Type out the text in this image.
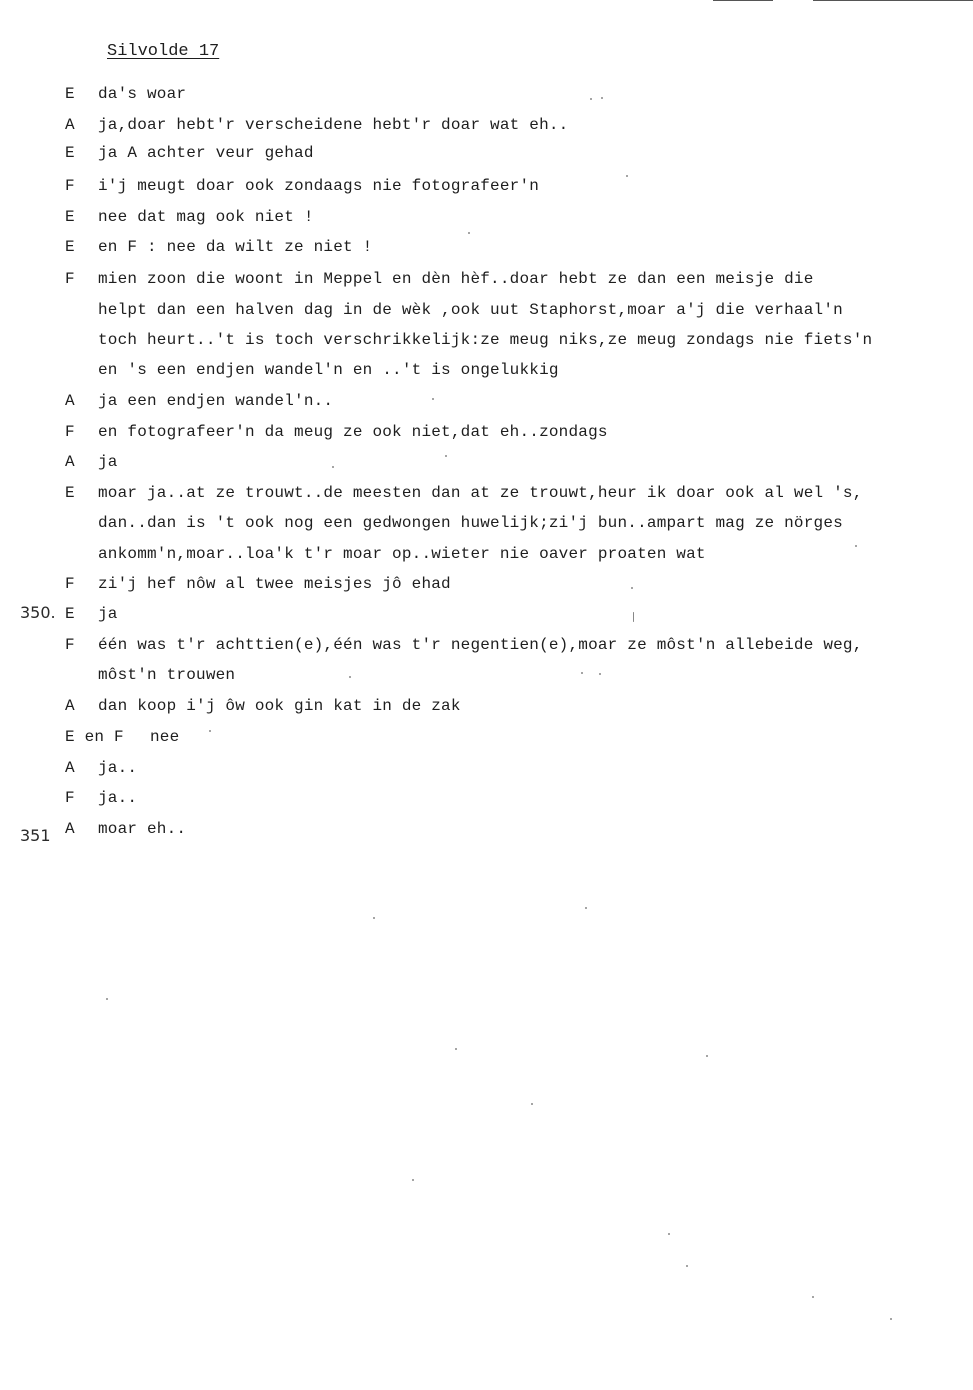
Silvolde 17
E da's woar
A ja,doar hebt'r verscheidene hebt'r doar wat eh..
E ja A achter veur gehad
F i'j meugt doar ook zondaags nie fotografeer'n
E nee dat mag ook niet !
E en F : nee da wilt ze niet !
F mien zoon die woont in Meppel en dèn hèf..doar hebt ze dan een meisje die
helpt dan een halven dag in de wèk ,ook uut Staphorst,moar a'j die verhaal'n
toch heurt..'t is toch verschrikkelijk:ze meug niks,ze meug zondags nie fiets'n
en 's een endjen wandel'n en ..'t is ongelukkig
A ja een endjen wandel'n..
F en fotografeer'n da meug ze ook niet,dat eh..zondags
A ja
E moar ja..at ze trouwt..de meesten dan at ze trouwt,heur ik doar ook al wel 's,
dan..dan is 't ook nog een gedwongen huwelijk;zi'j bun..ampart mag ze nörges
ankomm'n,moar..loa'k t'r moar op..wieter nie oaver proaten wat
F zi'j hef nôw al twee meisjes jô ehad
E ja
F één was t'r achttien(e),één was t'r negentien(e),moar ze môst'n allebeide weg,
môst'n trouwen
A dan koop i'j ôw ook gin kat in de zak
E en F nee
A ja..
F ja..
A moar eh..
350.
351
